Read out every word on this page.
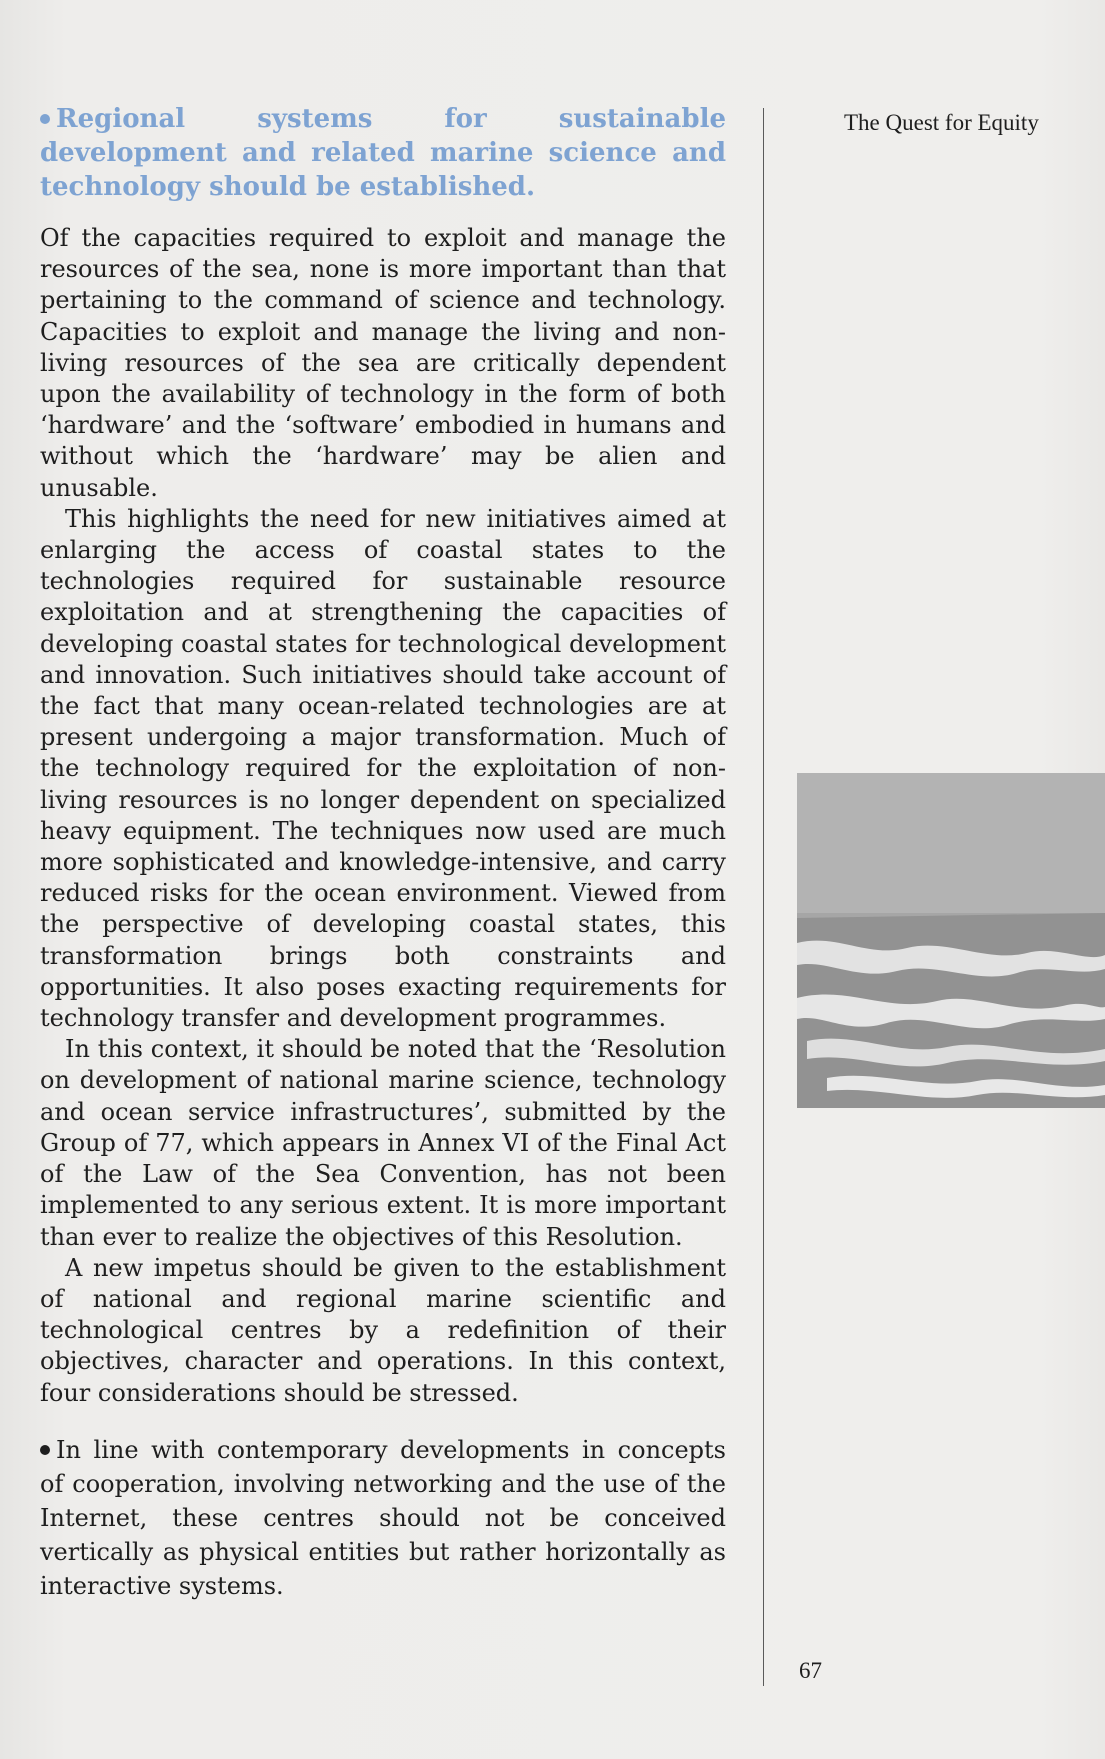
Regional systems for sustainable development and related marine science and technology should be established.

Of the capacities required to exploit and manage the resources of the sea, none is more important than that pertaining to the command of science and technology. Capacities to exploit and manage the living and non-living resources of the sea are critically dependent upon the availability of technology in the form of both ‘hardware’ and the ‘software’ embodied in humans and without which the ‘hardware’ may be alien and unusable.

This highlights the need for new initiatives aimed at enlarging the access of coastal states to the technologies required for sustainable resource exploitation and at strengthening the capacities of developing coastal states for technological development and innovation. Such initiatives should take account of the fact that many ocean-related technologies are at present undergoing a major transformation. Much of the technology required for the exploitation of non-living resources is no longer dependent on specialized heavy equipment. The techniques now used are much more sophisticated and knowledge-intensive, and carry reduced risks for the ocean environment. Viewed from the perspective of developing coastal states, this transformation brings both constraints and opportunities. It also poses exacting requirements for technology transfer and development programmes.

In this context, it should be noted that the ‘Resolution on development of national marine science, technology and ocean service infrastructures’, submitted by the Group of 77, which appears in Annex VI of the Final Act of the Law of the Sea Convention, has not been implemented to any serious extent. It is more important than ever to realize the objectives of this Resolution.

A new impetus should be given to the establishment of national and regional marine scientific and technological centres by a redefinition of their objectives, character and operations. In this context, four considerations should be stressed.

In line with contemporary developments in concepts of cooperation, involving networking and the use of the Internet, these centres should not be conceived vertically as physical entities but rather horizontally as interactive systems.
The Quest for Equity
67
